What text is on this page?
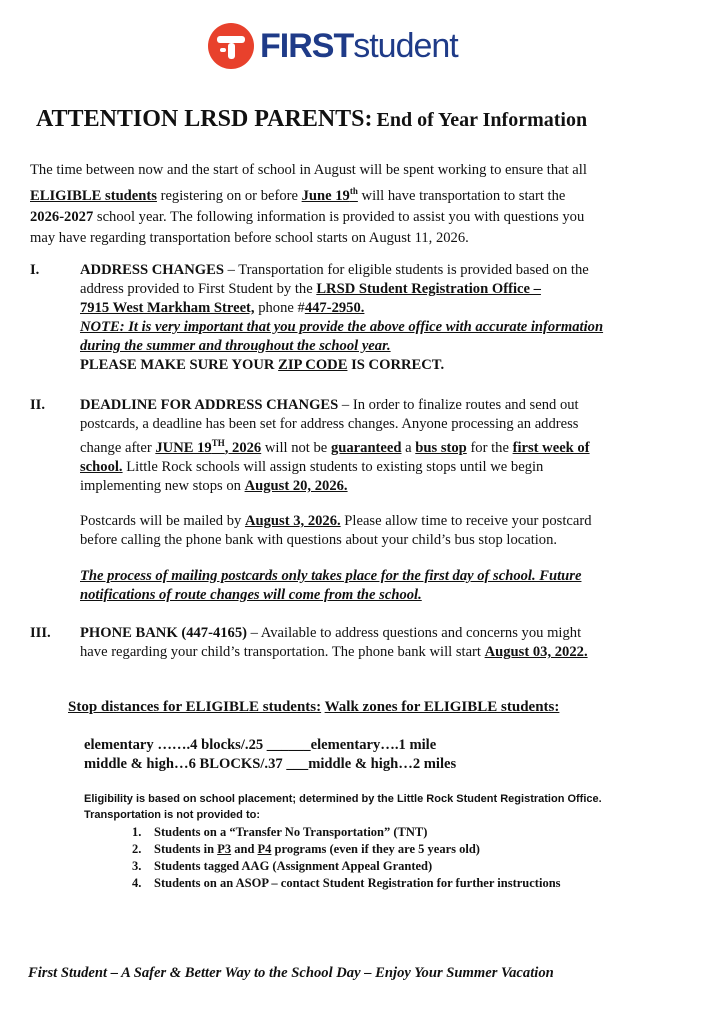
FIRSTstudent
ATTENTION LRSD PARENTS: End of Year Information
The time between now and the start of school in August will be spent working to ensure that all
ELIGIBLE students registering on or before June 19th will have transportation to start the
2026-2027 school year. The following information is provided to assist you with questions you
may have regarding transportation before school starts on August 11, 2026.
I.	ADDRESS CHANGES – Transportation for eligible students is provided based on the
address provided to First Student by the LRSD Student Registration Office –
7915 West Markham Street, phone #447-2950.
NOTE: It is very important that you provide the above office with accurate information
during the summer and throughout the school year.
PLEASE MAKE SURE YOUR ZIP CODE IS CORRECT.
II.	DEADLINE FOR ADDRESS CHANGES – In order to finalize routes and send out
postcards, a deadline has been set for address changes. Anyone processing an address
change after JUNE 19TH, 2026 will not be guaranteed a bus stop for the first week of
school. Little Rock schools will assign students to existing stops until we begin
implementing new stops on August 20, 2026.
Postcards will be mailed by August 3, 2026. Please allow time to receive your postcard
before calling the phone bank with questions about your child’s bus stop location.
The process of mailing postcards only takes place for the first day of school. Future
notifications of route changes will come from the school.
III.	PHONE BANK (447-4165) – Available to address questions and concerns you might
have regarding your child’s transportation. The phone bank will start August 03, 2022.
Stop distances for ELIGIBLE students: Walk zones for ELIGIBLE students:
elementary …….4 blocks/.25 ______elementary….1 mile
middle & high…6 BLOCKS/.37 ___middle & high…2 miles
Eligibility is based on school placement; determined by the Little Rock Student Registration Office.
Transportation is not provided to:
1.	Students on a “Transfer No Transportation” (TNT)
2.	Students in P3 and P4 programs (even if they are 5 years old)
3.	Students tagged AAG (Assignment Appeal Granted)
4.	Students on an ASOP – contact Student Registration for further instructions
First Student – A Safer & Better Way to the School Day – Enjoy Your Summer Vacation
